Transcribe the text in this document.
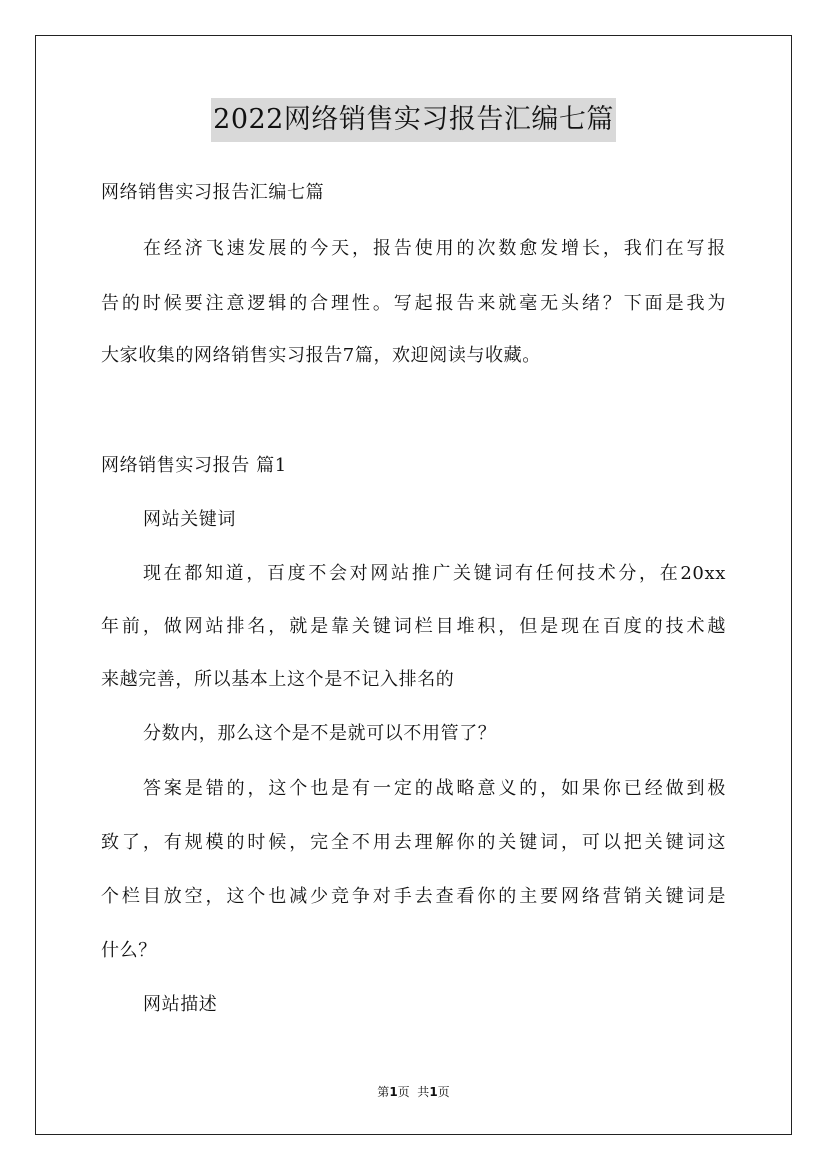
2022网络销售实习报告汇编七篇
网络销售实习报告汇编七篇
在经济飞速发展的今天，报告使用的次数愈发增长，我们在写报
告的时候要注意逻辑的合理性。写起报告来就毫无头绪？下面是我为
大家收集的网络销售实习报告7篇，欢迎阅读与收藏。
网络销售实习报告 篇1
网站关键词
现在都知道，百度不会对网站推广关键词有任何技术分，在20xx
年前，做网站排名，就是靠关键词栏目堆积，但是现在百度的技术越
来越完善，所以基本上这个是不记入排名的
分数内，那么这个是不是就可以不用管了？
答案是错的，这个也是有一定的战略意义的，如果你已经做到极
致了，有规模的时候，完全不用去理解你的关键词，可以把关键词这
个栏目放空，这个也减少竞争对手去查看你的主要网络营销关键词是
什么？
网站描述
第1页  共1页
